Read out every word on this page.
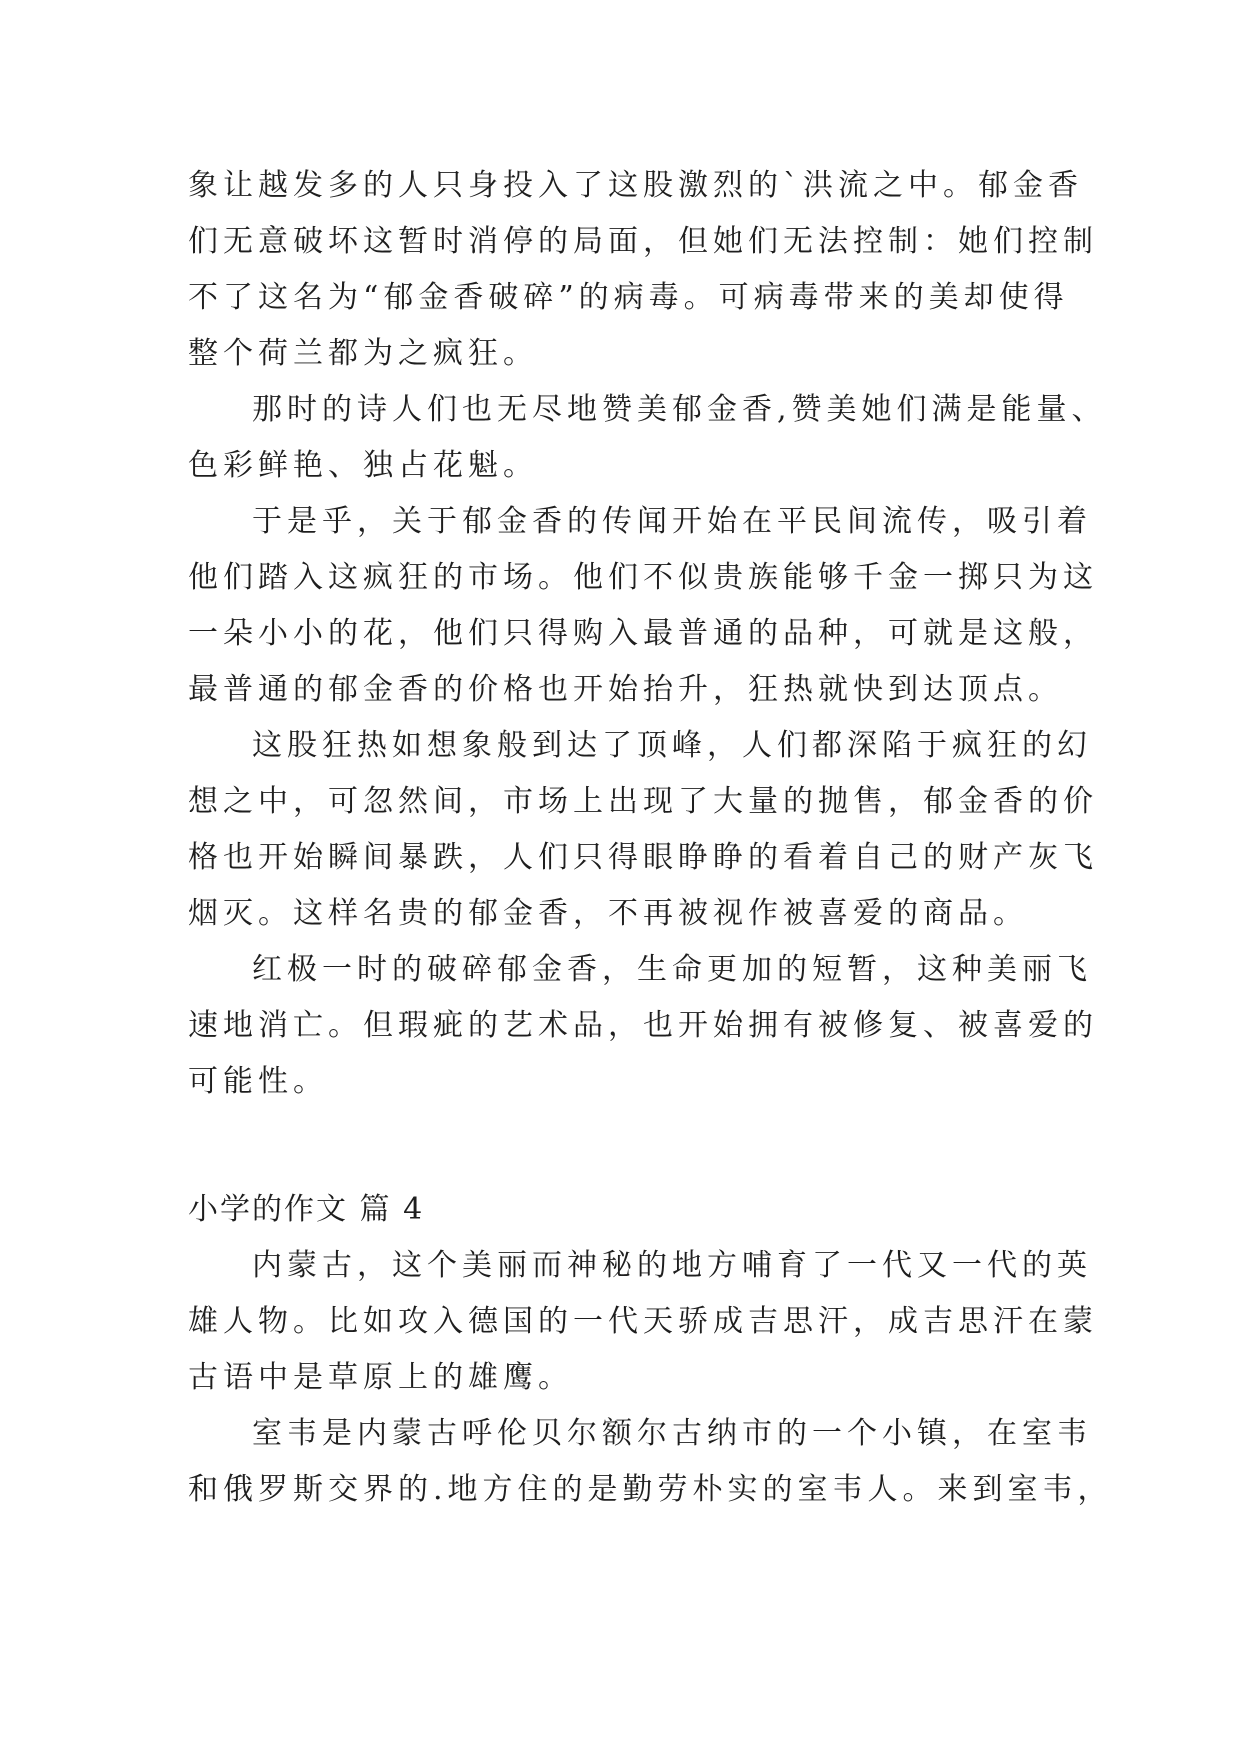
象让越发多的人只身投入了这股激烈的`洪流之中。郁金香
们无意破坏这暂时消停的局面，但她们无法控制：她们控制
不了这名为“郁金香破碎”的病毒。可病毒带来的美却使得
整个荷兰都为之疯狂。
那时的诗人们也无尽地赞美郁金香,赞美她们满是能量、
色彩鲜艳、独占花魁。
于是乎，关于郁金香的传闻开始在平民间流传，吸引着
他们踏入这疯狂的市场。他们不似贵族能够千金一掷只为这
一朵小小的花，他们只得购入最普通的品种，可就是这般，
最普通的郁金香的价格也开始抬升，狂热就快到达顶点。
这股狂热如想象般到达了顶峰，人们都深陷于疯狂的幻
想之中，可忽然间，市场上出现了大量的抛售，郁金香的价
格也开始瞬间暴跌，人们只得眼睁睁的看着自己的财产灰飞
烟灭。这样名贵的郁金香，不再被视作被喜爱的商品。
红极一时的破碎郁金香，生命更加的短暂，这种美丽飞
速地消亡。但瑕疵的艺术品，也开始拥有被修复、被喜爱的
可能性。
小学的作文 篇 4
内蒙古，这个美丽而神秘的地方哺育了一代又一代的英
雄人物。比如攻入德国的一代天骄成吉思汗，成吉思汗在蒙
古语中是草原上的雄鹰。
室韦是内蒙古呼伦贝尔额尔古纳市的一个小镇，在室韦
和俄罗斯交界的.地方住的是勤劳朴实的室韦人。来到室韦，
